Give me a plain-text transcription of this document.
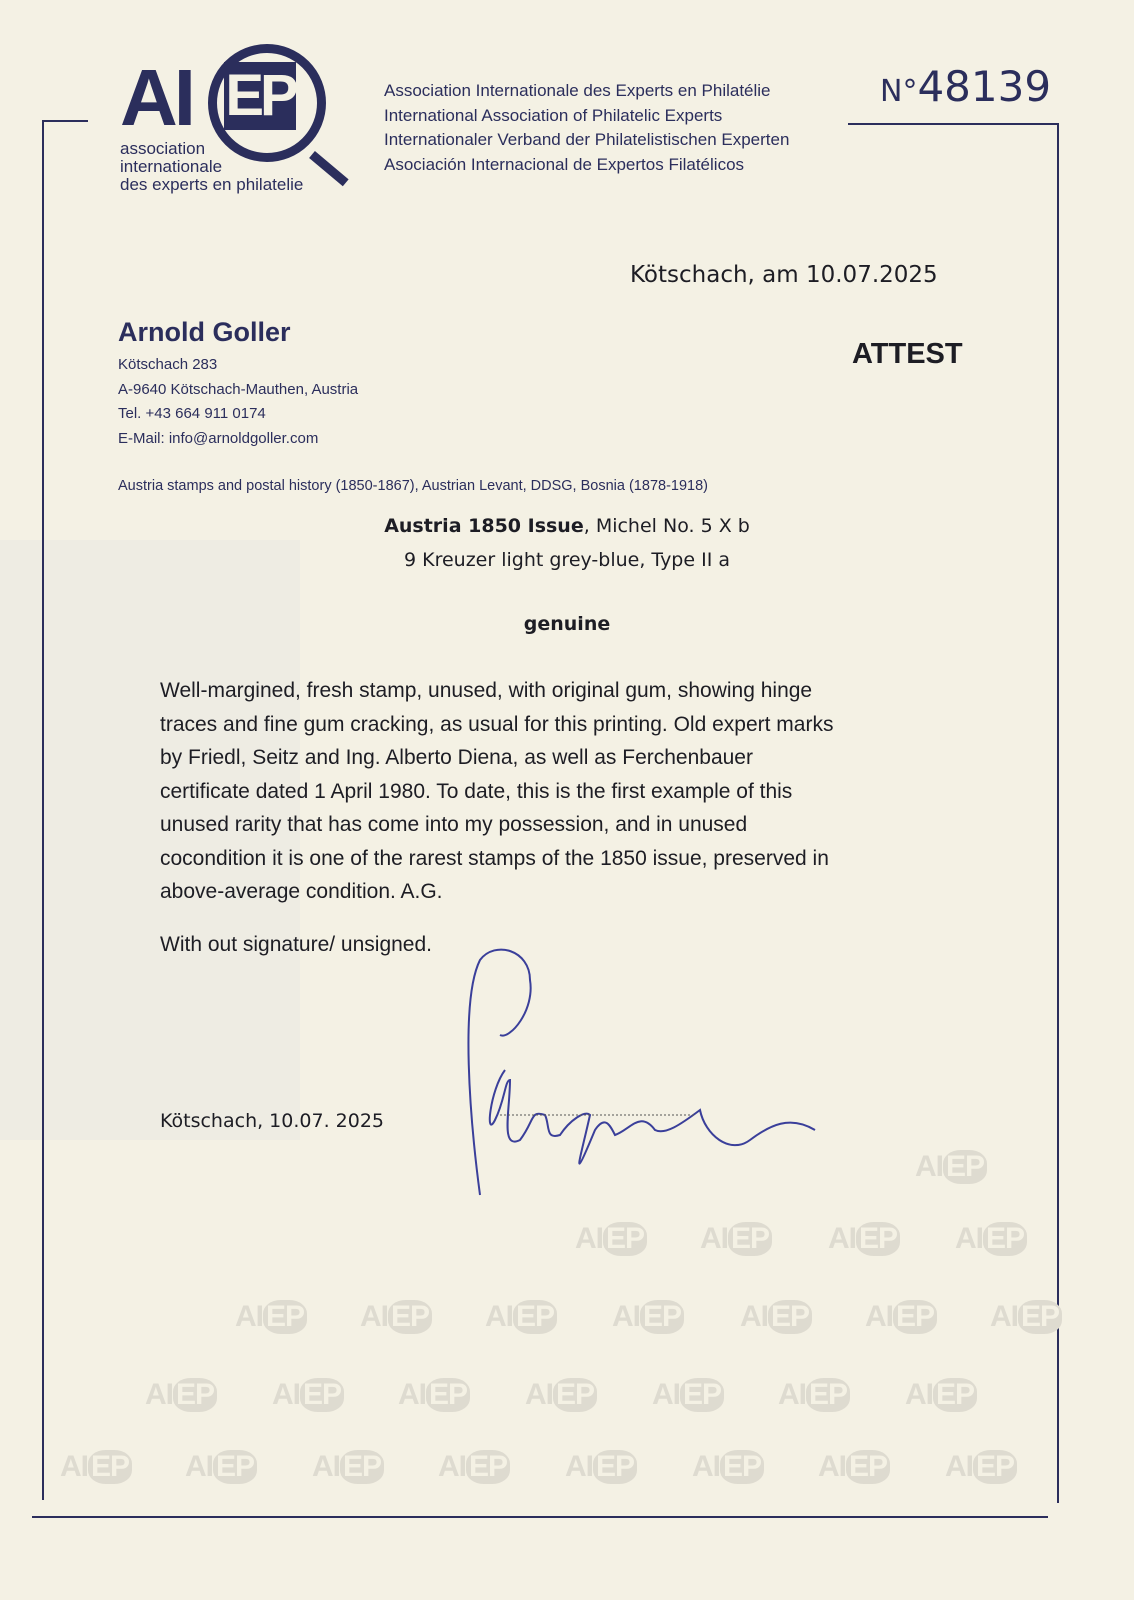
AI EP
association
internationale
des experts en philatelie
Association Internationale des Experts en Philatélie
International Association of Philatelic Experts
Internationaler Verband der Philatelistischen Experten
Asociación Internacional de Expertos Filatélicos
N°48139
Kötschach, am 10.07.2025
ATTEST
Arnold Goller
Kötschach 283
A-9640 Kötschach-Mauthen, Austria
Tel. +43 664 911 0174
E-Mail: info@arnoldgoller.com
Austria stamps and postal history (1850-1867), Austrian Levant, DDSG, Bosnia (1878-1918)
Austria 1850 Issue, Michel No. 5 X b
9 Kreuzer light grey-blue, Type II a
genuine
Well-margined, fresh stamp, unused, with original gum, showing hinge
traces and fine gum cracking, as usual for this printing. Old expert marks
by Friedl, Seitz and Ing. Alberto Diena, as well as Ferchenbauer
certificate dated 1 April 1980. To date, this is the first example of this
unused rarity that has come into my possession, and in unused
cocondition it is one of the rarest stamps of the 1850 issue, preserved in
above-average condition. A.G.
With out signature/ unsigned.
Kötschach, 10.07. 2025
AI EP
AI EP AI EP AI EP AI EP
AI EP AI EP AI EP AI EP AI EP AI EP AI EP
AI EP AI EP AI EP AI EP AI EP AI EP AI EP
AI EP AI EP AI EP AI EP AI EP AI EP AI EP AI EP
